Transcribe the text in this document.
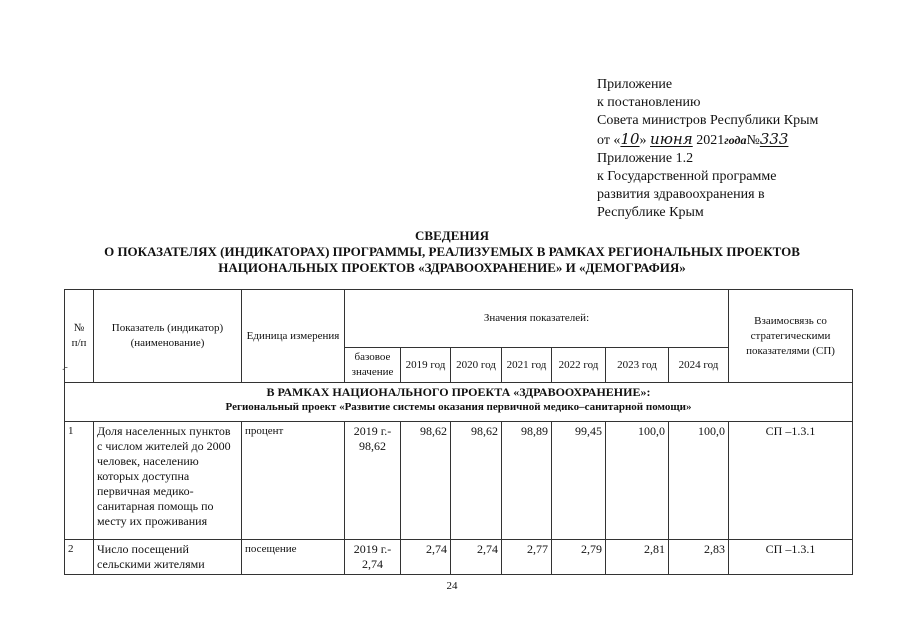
Приложение
к постановлению
Совета министров Республики Крым
от «10» июня 2021года№333
Приложение 1.2
к Государственной программе
развития здравоохранения в
Республике Крым
СВЕДЕНИЯ
О ПОКАЗАТЕЛЯХ (ИНДИКАТОРАХ) ПРОГРАММЫ, РЕАЛИЗУЕМЫХ В РАМКАХ РЕГИОНАЛЬНЫХ ПРОЕКТОВ
НАЦИОНАЛЬНЫХ ПРОЕКТОВ «ЗДРАВООХРАНЕНИЕ» И «ДЕМОГРАФИЯ»
№ п/п	Показатель (индикатор) (наименование)	Единица измерения	Значения показателей:							Взаимосвязь со стратегическими показателями (СП)
			базовое значение	2019 год	2020 год	2021 год	2022 год	2023 год	2024 год	

В РАМКАХ НАЦИОНАЛЬНОГО ПРОЕКТА «ЗДРАВООХРАНЕНИЕ»:
Региональный проект «Развитие системы оказания первичной медико–санитарной помощи»										

1	Доля населенных пунктов с числом жителей до 2000 человек, населению которых доступна первичная медико-санитарная помощь по месту их проживания	процент	2019 г.- 98,62	98,62	98,62	98,89	99,45	100,0	100,0	СП –1.3.1
2	Число посещений сельскими жителями	посещение	2019 г.- 2,74	2,74	2,74	2,77	2,79	2,81	2,83	СП –1.3.1
.-
24
